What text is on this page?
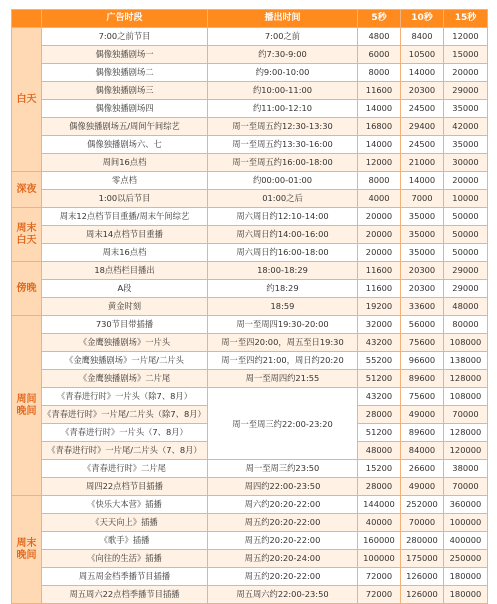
	广告时段	播出时间	5秒	10秒	15秒
白天	7:00之前节目	7:00之前	4800	8400	12000
	偶像独播剧场一	约7:30-9:00	6000	10500	15000
	偶像独播剧场二	约9:00-10:00	8000	14000	20000
	偶像独播剧场三	约10:00-11:00	11600	20300	29000
	偶像独播剧场四	约11:00-12:10	14000	24500	35000
	偶像独播剧场五/周间午间综艺	周一至周五约12:30-13:30	16800	29400	42000
	偶像独播剧场六、七	周一至周五约13:30-16:00	14000	24500	35000
	周间16点档	周一至周五约16:00-18:00	12000	21000	30000
深夜	零点档	约00:00-01:00	8000	14000	20000
	1:00以后节目	01:00之后	4000	7000	10000
周末白天	周末12点档节目重播/周末午间综艺	周六周日约12:10-14:00	20000	35000	50000
	周末14点档节目重播	周六周日约14:00-16:00	20000	35000	50000
	周末16点档	周六周日约16:00-18:00	20000	35000	50000
傍晚	18点档栏目播出	18:00-18:29	11600	20300	29000
	A段	约18:29	11600	20300	29000
	黄金时刻	18:59	19200	33600	48000
周间晚间	730节目带插播	周一至周四19:30-20:00	32000	56000	80000
	《金鹰独播剧场》一片头	周一至四20:00，周五至日19:30	43200	75600	108000
	《金鹰独播剧场》一片尾/二片头	周一至四约21:00，周日约20:20	55200	96600	138000
	《金鹰独播剧场》二片尾	周一至周四约21:55	51200	89600	128000
	《青春进行时》一片头（除7、8月）	周一至周三约22:00-23:20	43200	75600	108000
	《青春进行时》一片尾/二片头（除7、8月）		28000	49000	70000
	《青春进行时》一片头（7、8月）		51200	89600	128000
	《青春进行时》一片尾/二片头（7、8月）		48000	84000	120000
	《青春进行时》二片尾	周一至周三约23:50	15200	26600	38000
	周四22点档节目插播	周四约22:00-23:50	28000	49000	70000
周末晚间	《快乐大本营》插播	周六约20:20-22:00	144000	252000	360000
	《天天向上》插播	周五约20:20-22:00	40000	70000	100000
	《歌手》插播	周五约20:20-22:00	160000	280000	400000
	《向往的生活》插播	周五约20:20-24:00	100000	175000	250000
	周五周金档季播节目插播	周五约20:20-22:00	72000	126000	180000
	周五周六22点档季播节目插播	周五周六约22:00-23:50	72000	126000	180000
